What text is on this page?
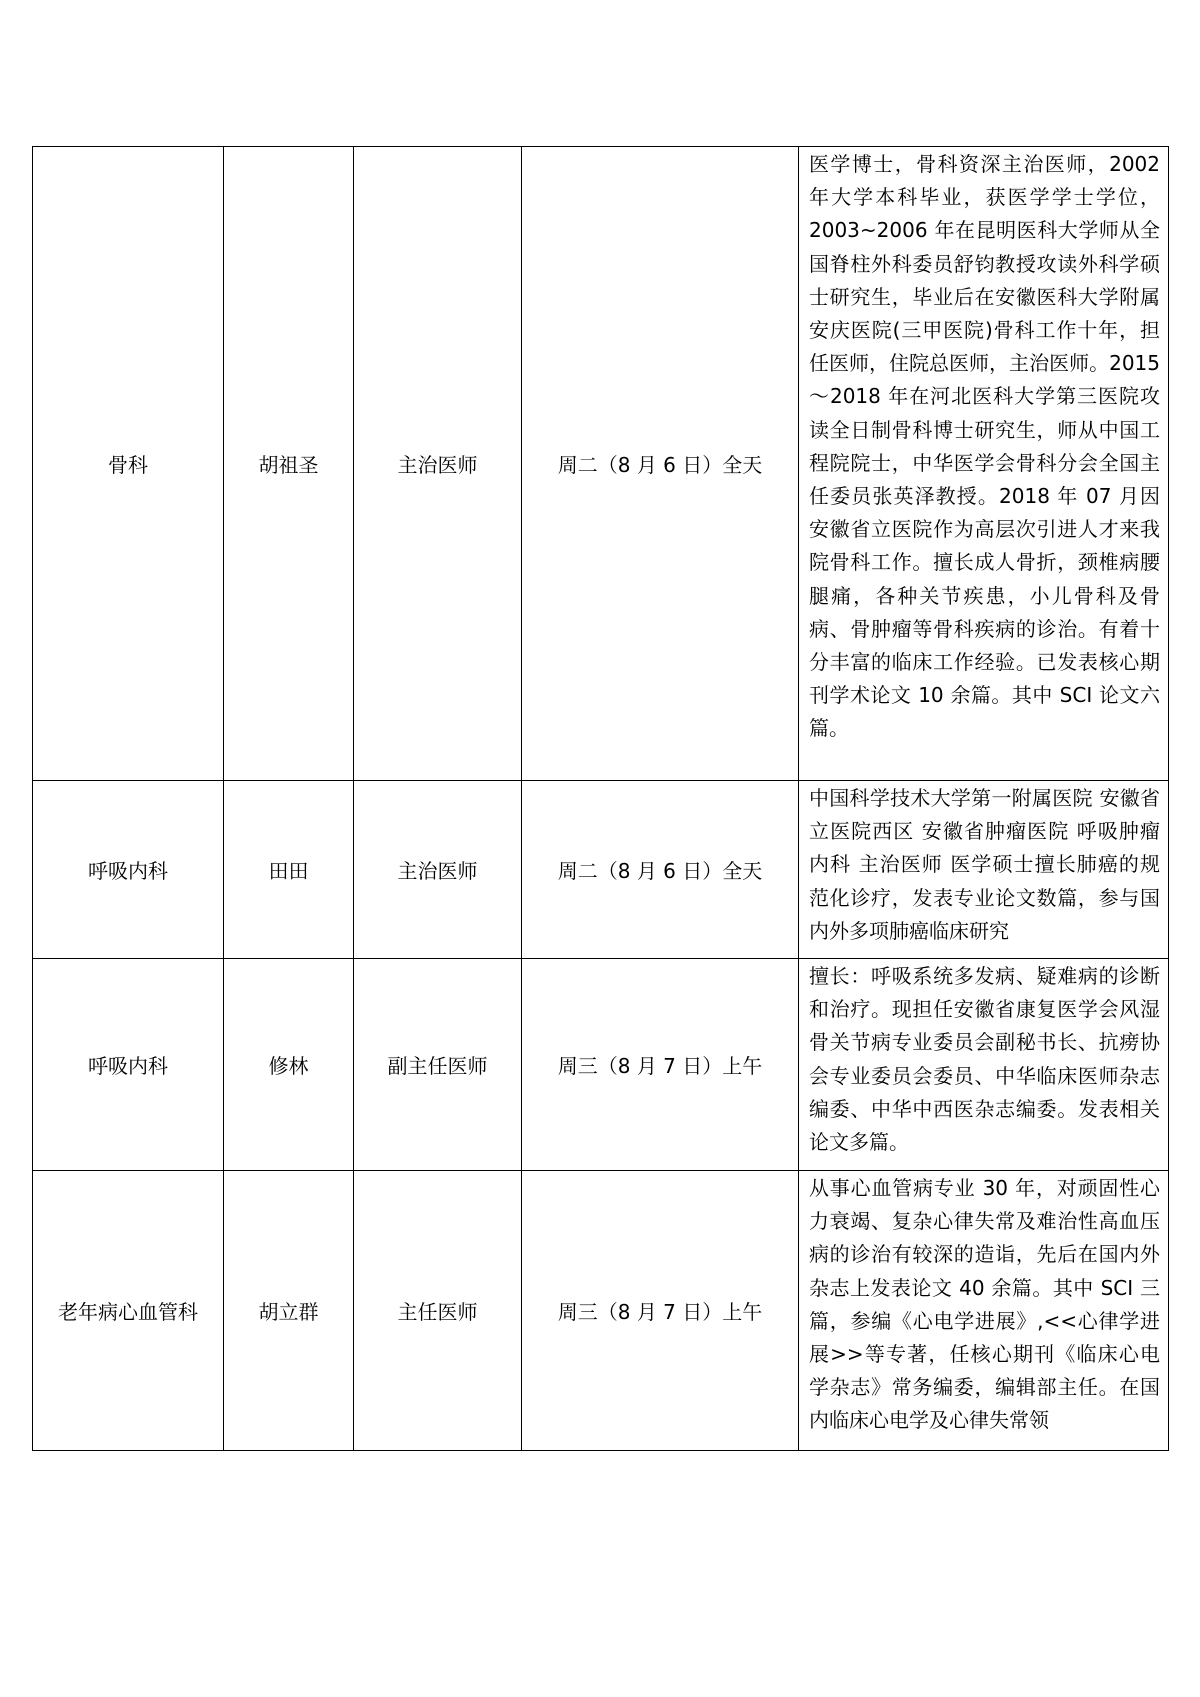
骨科	胡祖圣	主治医师	周二（8 月 6 日）全天	医学博士，骨科资深主治医师，2002 年大学本科毕业，获医学学士学位，2003~2006 年在昆明医科大学师从全国脊柱外科委员舒钧教授攻读外科学硕士研究生，毕业后在安徽医科大学附属安庆医院(三甲医院)骨科工作十年，担任医师，住院总医师，主治医师。2015～2018 年在河北医科大学第三医院攻读全日制骨科博士研究生，师从中国工程院院士，中华医学会骨科分会全国主任委员张英泽教授。2018 年 07 月因安徽省立医院作为高层次引进人才来我院骨科工作。擅长成人骨折，颈椎病腰腿痛，各种关节疾患，小儿骨科及骨病、骨肿瘤等骨科疾病的诊治。有着十分丰富的临床工作经验。已发表核心期刊学术论文 10 余篇。其中 SCI 论文六篇。

呼吸内科	田田	主治医师	周二（8 月 6 日）全天	中国科学技术大学第一附属医院 安徽省立医院西区 安徽省肿瘤医院 呼吸肿瘤内科 主治医师 医学硕士擅长肺癌的规范化诊疗，发表专业论文数篇，参与国内外多项肺癌临床研究

呼吸内科	修林	副主任医师	周三（8 月 7 日）上午	擅长：呼吸系统多发病、疑难病的诊断和治疗。现担任安徽省康复医学会风湿骨关节病专业委员会副秘书长、抗痨协会专业委员会委员、中华临床医师杂志编委、中华中西医杂志编委。发表相关论文多篇。

老年病心血管科	胡立群	主任医师	周三（8 月 7 日）上午	从事心血管病专业 30 年，对顽固性心力衰竭、复杂心律失常及难治性高血压病的诊治有较深的造诣，先后在国内外杂志上发表论文 40 余篇。其中 SCI 三篇，参编《心电学进展》,<<心律学进展>>等专著，任核心期刊《临床心电学杂志》常务编委，编辑部主任。在国内临床心电学及心律失常领
